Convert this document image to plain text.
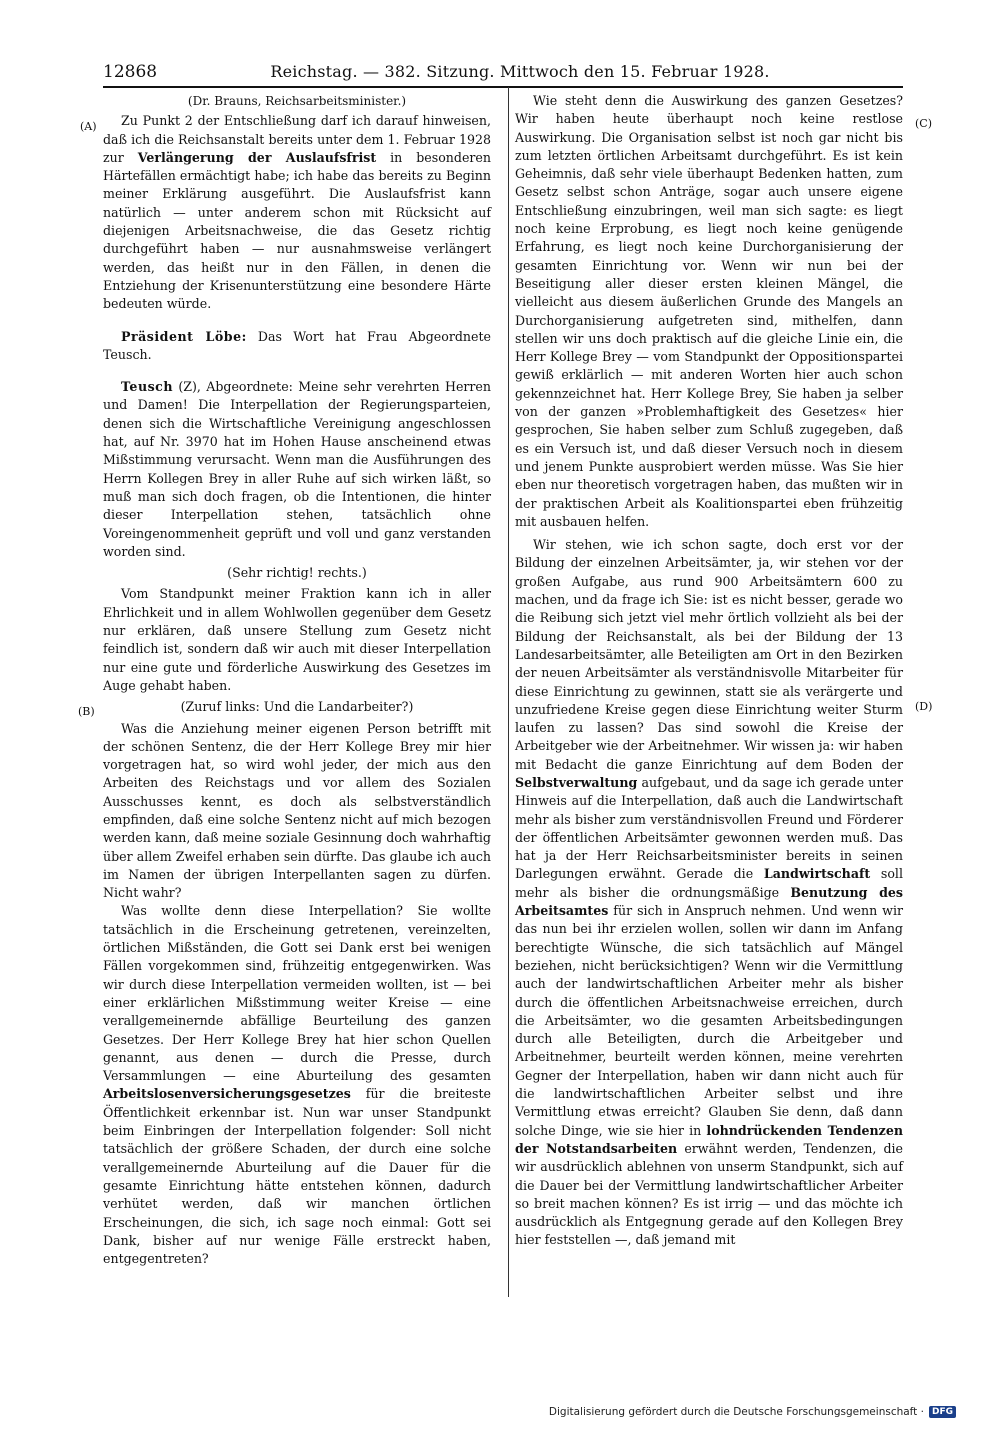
12868	Reichstag. — 382. Sitzung. Mittwoch den 15. Februar 1928.
(A)
(B)
(C)
(D)
(Dr. Brauns, Reichsarbeitsminister.)

Zu Punkt 2 der Entschließung darf ich darauf hinweisen, daß ich die Reichsanstalt bereits unter dem 1. Februar 1928 zur Verlängerung der Auslaufsfrist in besonderen Härtefällen ermächtigt habe; ich habe das bereits zu Beginn meiner Erklärung ausgeführt. Die Auslaufsfrist kann natürlich — unter anderem schon mit Rücksicht auf diejenigen Arbeitsnachweise, die das Gesetz richtig durchgeführt haben — nur ausnahmsweise verlängert werden, das heißt nur in den Fällen, in denen die Entziehung der Krisenunterstützung eine besondere Härte bedeuten würde.

Präsident Löbe: Das Wort hat Frau Abgeordnete Teusch.

Teusch (Z), Abgeordnete: Meine sehr verehrten Herren und Damen! Die Interpellation der Regierungsparteien, denen sich die Wirtschaftliche Vereinigung angeschlossen hat, auf Nr. 3970 hat im Hohen Hause anscheinend etwas Mißstimmung verursacht. Wenn man die Ausführungen des Herrn Kollegen Brey in aller Ruhe auf sich wirken läßt, so muß man sich doch fragen, ob die Intentionen, die hinter dieser Interpellation stehen, tatsächlich ohne Voreingenommenheit geprüft und voll und ganz verstanden worden sind.

(Sehr richtig! rechts.)

Vom Standpunkt meiner Fraktion kann ich in aller Ehrlichkeit und in allem Wohlwollen gegenüber dem Gesetz nur erklären, daß unsere Stellung zum Gesetz nicht feindlich ist, sondern daß wir auch mit dieser Interpellation nur eine gute und förderliche Auswirkung des Gesetzes im Auge gehabt haben.

(Zuruf links: Und die Landarbeiter?)

Was die Anziehung meiner eigenen Person betrifft mit der schönen Sentenz, die der Herr Kollege Brey mir hier vorgetragen hat, so wird wohl jeder, der mich aus den Arbeiten des Reichstags und vor allem des Sozialen Ausschusses kennt, es doch als selbstverständlich empfinden, daß eine solche Sentenz nicht auf mich bezogen werden kann, daß meine soziale Gesinnung doch wahrhaftig über allem Zweifel erhaben sein dürfte. Das glaube ich auch im Namen der übrigen Interpellanten sagen zu dürfen. Nicht wahr?

Was wollte denn diese Interpellation? Sie wollte tatsächlich in die Erscheinung getretenen, vereinzelten, örtlichen Mißständen, die Gott sei Dank erst bei wenigen Fällen vorgekommen sind, frühzeitig entgegenwirken. Was wir durch diese Interpellation vermeiden wollten, ist — bei einer erklärlichen Mißstimmung weiter Kreise — eine verallgemeinernde abfällige Beurteilung des ganzen Gesetzes. Der Herr Kollege Brey hat hier schon Quellen genannt, aus denen — durch die Presse, durch Versammlungen — eine Aburteilung des gesamten Arbeitslosenversicherungsgesetzes für die breiteste Öffentlichkeit erkennbar ist. Nun war unser Standpunkt beim Einbringen der Interpellation folgender: Soll nicht tatsächlich der größere Schaden, der durch eine solche verallgemeinernde Aburteilung auf die Dauer für die gesamte Einrichtung hätte entstehen können, dadurch verhütet werden, daß wir manchen örtlichen Erscheinungen, die sich, ich sage noch einmal: Gott sei Dank, bisher auf nur wenige Fälle erstreckt haben, entgegentreten?

Wie steht denn die Auswirkung des ganzen Gesetzes? Wir haben heute überhaupt noch keine restlose Auswirkung. Die Organisation selbst ist noch gar nicht bis zum letzten örtlichen Arbeitsamt durchgeführt. Es ist kein Geheimnis, daß sehr viele überhaupt Bedenken hatten, zum Gesetz selbst schon Anträge, sogar auch unsere eigene Entschließung einzubringen, weil man sich sagte: es liegt noch keine Erprobung, es liegt noch keine genügende Erfahrung, es liegt noch keine Durchorganisierung der gesamten Einrichtung vor. Wenn wir nun bei der Beseitigung aller dieser ersten kleinen Mängel, die vielleicht aus diesem äußerlichen Grunde des Mangels an Durchorganisierung aufgetreten sind, mithelfen, dann stellen wir uns doch praktisch auf die gleiche Linie ein, die Herr Kollege Brey — vom Standpunkt der Oppositionspartei gewiß erklärlich — mit anderen Worten hier auch schon gekennzeichnet hat. Herr Kollege Brey, Sie haben ja selber von der ganzen »Problemhaftigkeit des Gesetzes« hier gesprochen, Sie haben selber zum Schluß zugegeben, daß es ein Versuch ist, und daß dieser Versuch noch in diesem und jenem Punkte ausprobiert werden müsse. Was Sie hier eben nur theoretisch vorgetragen haben, das mußten wir in der praktischen Arbeit als Koalitionspartei eben frühzeitig mit ausbauen helfen.

Wir stehen, wie ich schon sagte, doch erst vor der Bildung der einzelnen Arbeitsämter, ja, wir stehen vor der großen Aufgabe, aus rund 900 Arbeitsämtern 600 zu machen, und da frage ich Sie: ist es nicht besser, gerade wo die Reibung sich jetzt viel mehr örtlich vollzieht als bei der Bildung der Reichsanstalt, als bei der Bildung der 13 Landesarbeitsämter, alle Beteiligten am Ort in den Bezirken der neuen Arbeitsämter als verständnisvolle Mitarbeiter für diese Einrichtung zu gewinnen, statt sie als verärgerte und unzufriedene Kreise gegen diese Einrichtung weiter Sturm laufen zu lassen? Das sind sowohl die Kreise der Arbeitgeber wie der Arbeitnehmer. Wir wissen ja: wir haben mit Bedacht die ganze Einrichtung auf dem Boden der Selbstverwaltung aufgebaut, und da sage ich gerade unter Hinweis auf die Interpellation, daß auch die Landwirtschaft mehr als bisher zum verständnisvollen Freund und Förderer der öffentlichen Arbeitsämter gewonnen werden muß. Das hat ja der Herr Reichsarbeitsminister bereits in seinen Darlegungen erwähnt. Gerade die Landwirtschaft soll mehr als bisher die ordnungsmäßige Benutzung des Arbeitsamtes für sich in Anspruch nehmen. Und wenn wir das nun bei ihr erzielen wollen, sollen wir dann im Anfang berechtigte Wünsche, die sich tatsächlich auf Mängel beziehen, nicht berücksichtigen? Wenn wir die Vermittlung auch der landwirtschaftlichen Arbeiter mehr als bisher durch die öffentlichen Arbeitsnachweise erreichen, durch die Arbeitsämter, wo die gesamten Arbeitsbedingungen durch alle Beteiligten, durch die Arbeitgeber und Arbeitnehmer, beurteilt werden können, meine verehrten Gegner der Interpellation, haben wir dann nicht auch für die landwirtschaftlichen Arbeiter selbst und ihre Vermittlung etwas erreicht? Glauben Sie denn, daß dann solche Dinge, wie sie hier in lohndrückenden Tendenzen der Notstandsarbeiten erwähnt werden, Tendenzen, die wir ausdrücklich ablehnen von unserm Standpunkt, sich auf die Dauer bei der Vermittlung landwirtschaftlicher Arbeiter so breit machen können? Es ist irrig — und das möchte ich ausdrücklich als Entgegnung gerade auf den Kollegen Brey hier feststellen —, daß jemand mit

Digitalisierung gefördert durch die Deutsche Forschungsgemeinschaft · DFG
